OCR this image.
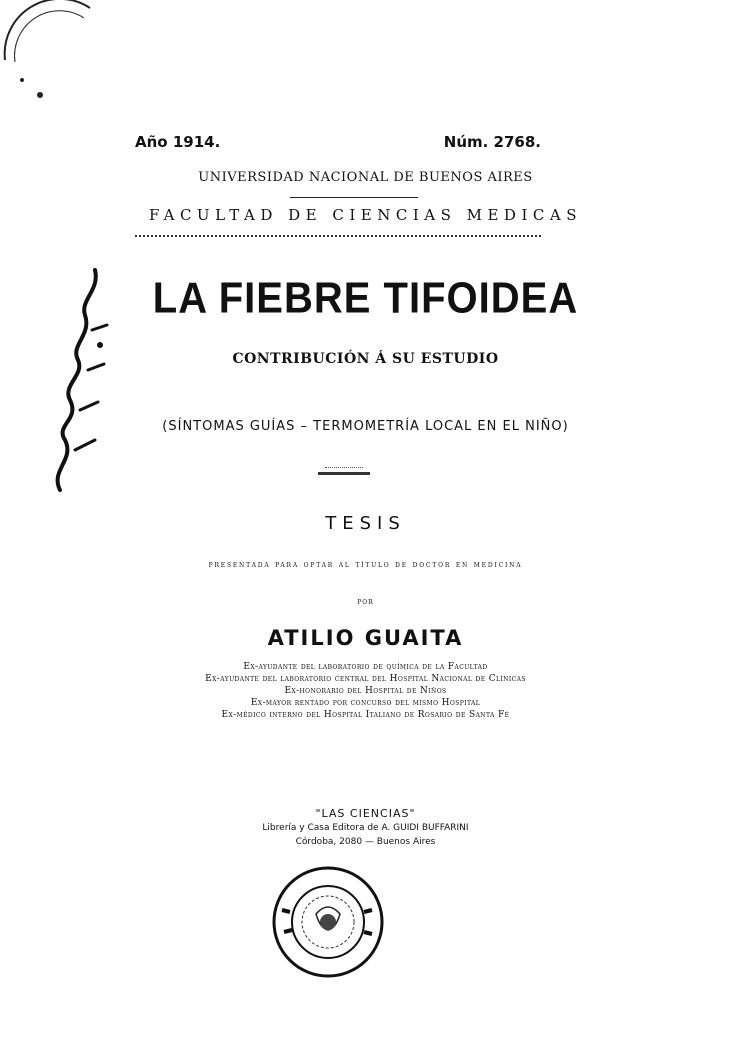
Año 1914.	Núm. 2768.
UNIVERSIDAD NACIONAL DE BUENOS AIRES
FACULTAD DE CIENCIAS MEDICAS
LA FIEBRE TIFOIDEA
CONTRIBUCIÓN Á SU ESTUDIO
(SÍNTOMAS GUÍAS – TERMOMETRÍA LOCAL EN EL NIÑO)
TESIS
presentada para optar al título de doctor en medicina
por
ATILIO GUAITA
Ex-ayudante del laboratorio de química de la Facultad
Ex-ayudante del laboratorio central del Hospital Nacional de Clínicas
Ex-honorario del Hospital de Niños
Ex-mayor rentado por concurso del mismo Hospital
Ex-médico interno del Hospital Italiano de Rosario de Santa Fé
"LAS CIENCIAS"
Librería y Casa Editora de A. GUIDI BUFFARINI
Córdoba, 2080 — Buenos Aires
